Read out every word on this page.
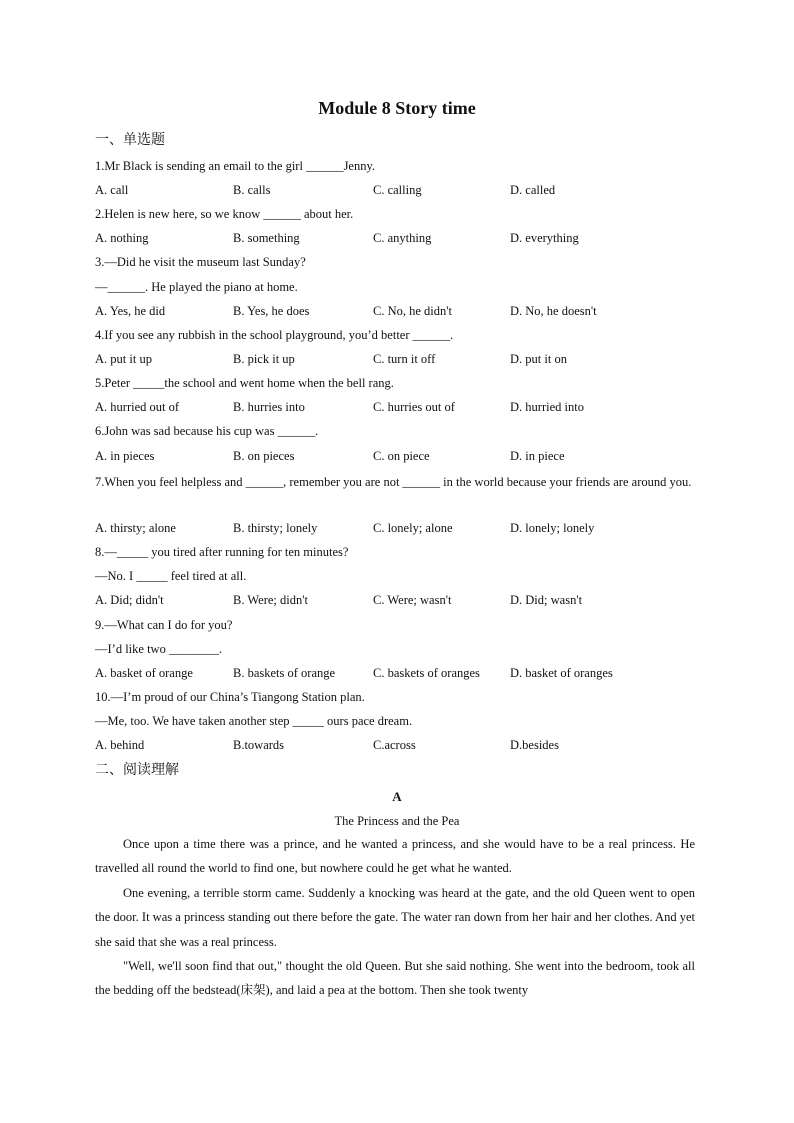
Module 8 Story time
一、单选题
1.Mr Black is sending an email to the girl ______Jenny.
A. call	B. calls	C. calling	D. called
2.Helen is new here, so we know ______ about her.
A. nothing	B. something	C. anything	D. everything
3.—Did he visit the museum last Sunday?
—______. He played the piano at home.
A. Yes, he did	B. Yes, he does	C. No, he didn't	D. No, he doesn't
4.If you see any rubbish in the school playground, you’d better ______.
A. put it up	B. pick it up	C. turn it off	D. put it on
5.Peter _____the school and went home when the bell rang.
A. hurried out of	B. hurries into	C. hurries out of	D. hurried into
6.John was sad because his cup was ______.
A. in pieces	B. on pieces	C. on piece	D. in piece
7.When you feel helpless and ______, remember you are not ______ in the world because your friends are around you.
A. thirsty; alone	B. thirsty; lonely	C. lonely; alone	D. lonely; lonely
8.—_____ you tired after running for ten minutes?
—No. I _____ feel tired at all.
A. Did; didn't	B. Were; didn't	C. Were; wasn't	D. Did; wasn't
9.—What can I do for you?
—I’d like two ________.
A. basket of orange	B. baskets of orange	C. baskets of oranges D. basket of oranges
10.—I’m proud of our China’s Tiangong Station plan.
—Me, too. We have taken another step _____ ours pace dream.
A. behind	B.towards	C.across	D.besides
二、阅读理解
A
The Princess and the Pea
Once upon a time there was a prince, and he wanted a princess, and she would have to be a real princess. He travelled all round the world to find one, but nowhere could he get what he wanted.
One evening, a terrible storm came. Suddenly a knocking was heard at the gate, and the old Queen went to open the door. It was a princess standing out there before the gate. The water ran down from her hair and her clothes. And yet she said that she was a real princess.
"Well, we'll soon find that out," thought the old Queen. But she said nothing. She went into the bedroom, took all the bedding off the bedstead(床架), and laid a pea at the bottom. Then she took twenty
